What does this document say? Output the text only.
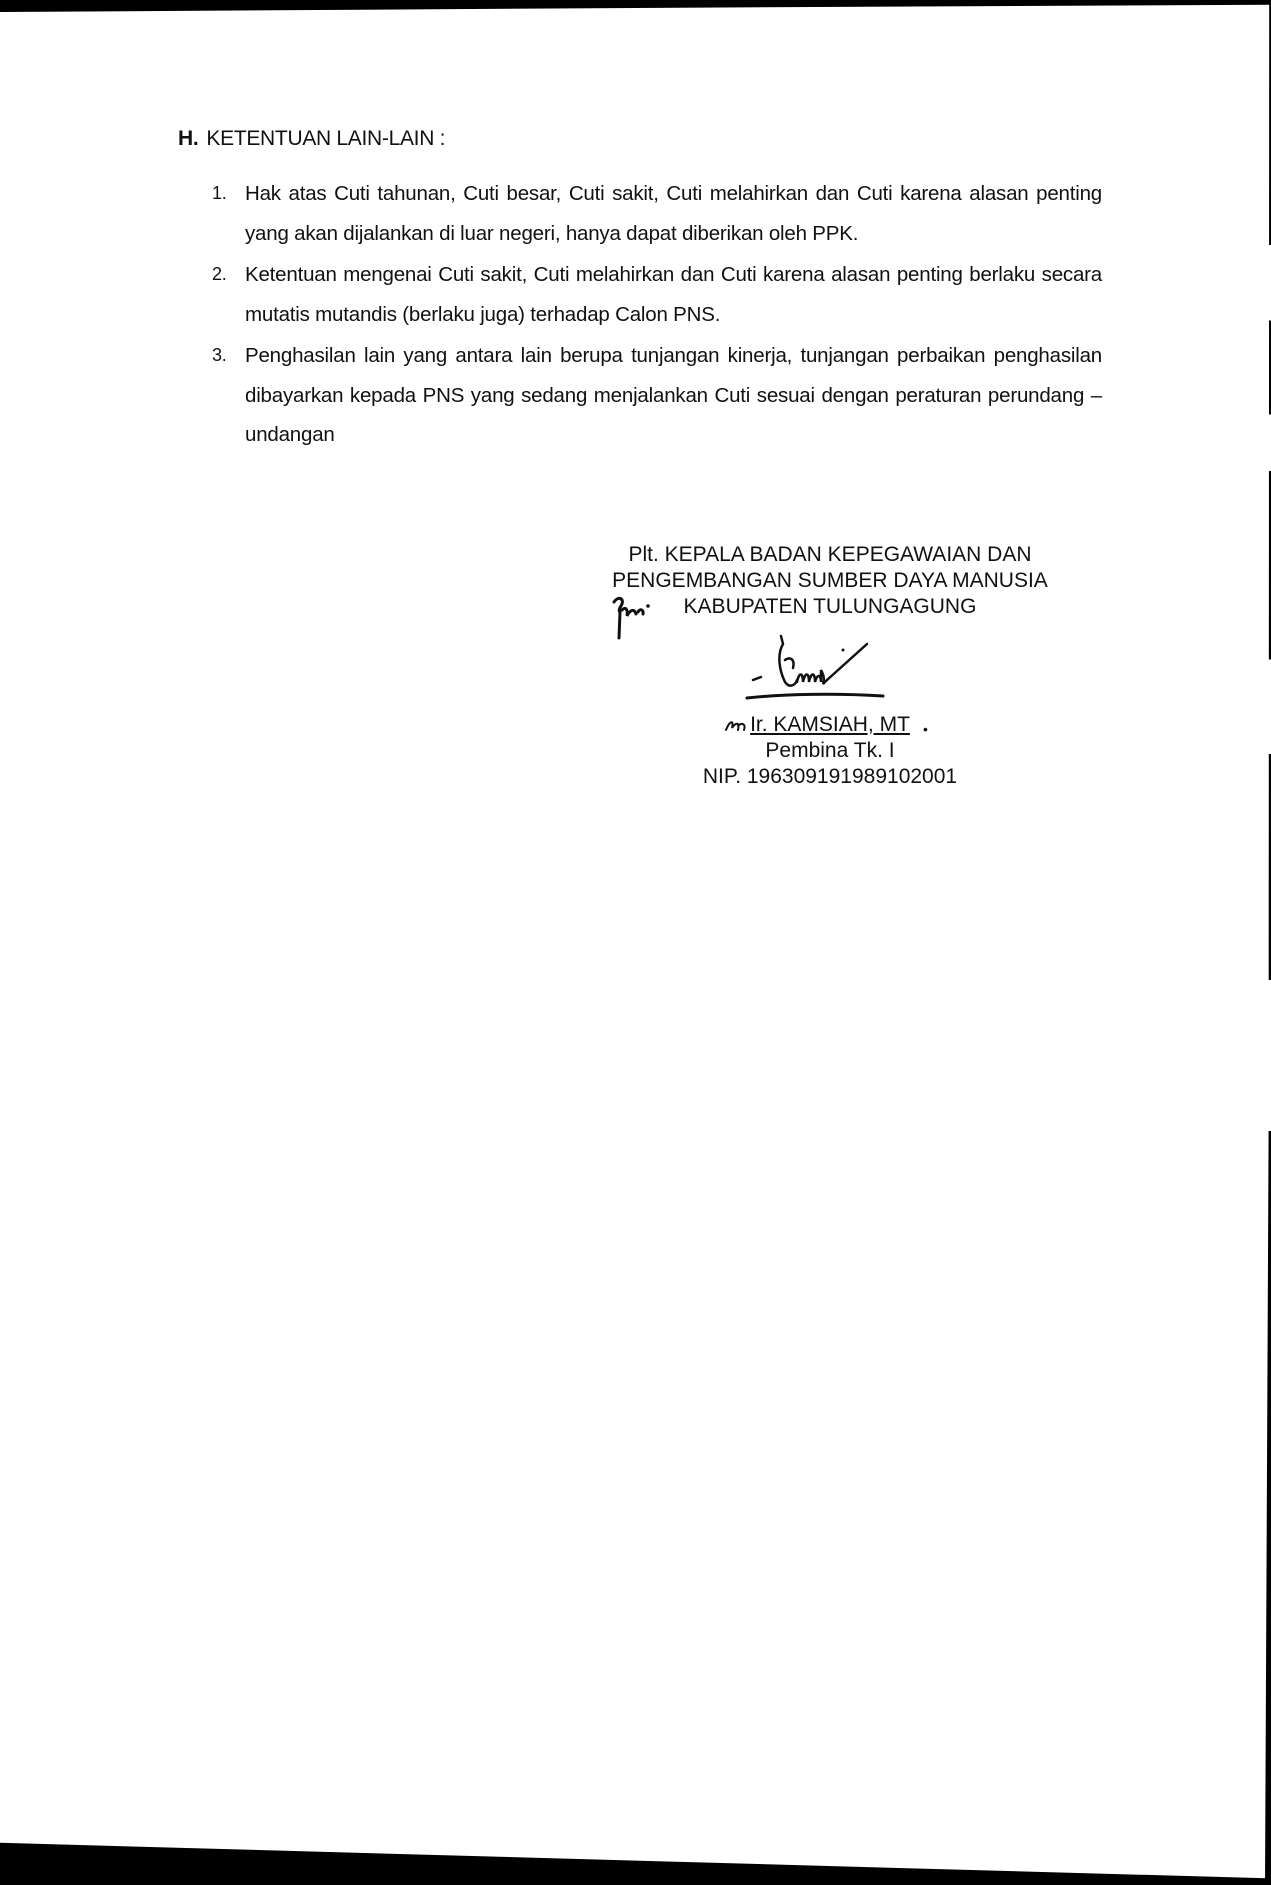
H. KETENTUAN LAIN-LAIN :
1. Hak atas Cuti tahunan, Cuti besar, Cuti sakit, Cuti melahirkan dan Cuti karena alasan penting yang akan dijalankan di luar negeri, hanya dapat diberikan oleh PPK.
2. Ketentuan mengenai Cuti sakit, Cuti melahirkan dan Cuti karena alasan penting berlaku secara mutatis mutandis (berlaku juga) terhadap Calon PNS.
3. Penghasilan lain yang antara lain berupa tunjangan kinerja, tunjangan perbaikan penghasilan dibayarkan kepada PNS yang sedang menjalankan Cuti sesuai dengan peraturan perundang – undangan
Plt. KEPALA BADAN KEPEGAWAIAN DAN
PENGEMBANGAN SUMBER DAYA MANUSIA
KABUPATEN TULUNGAGUNG
Ir. KAMSIAH, MT •
Pembina Tk. I
NIP. 196309191989102001
